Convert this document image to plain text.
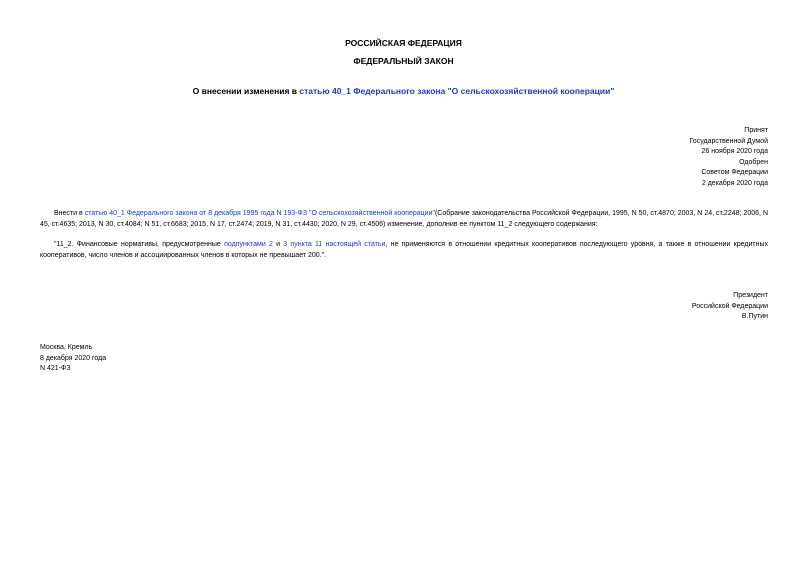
РОССИЙСКАЯ ФЕДЕРАЦИЯ
ФЕДЕРАЛЬНЫЙ ЗАКОН
О внесении изменения в статью 40_1 Федерального закона "О сельскохозяйственной кооперации"
Принят
Государственной Думой
26 ноября 2020 года
Одобрен
Советом Федерации
2 декабря 2020 года
Внести в статью 40_1 Федерального закона от 8 декабря 1995 года N 193-ФЗ "О сельскохозяйственной кооперации"(Собрание законодательства Российской Федерации, 1995, N 50, ст.4870; 2003, N 24, ст.2248; 2006, N 45, ст.4635; 2013, N 30, ст.4084; N 51, ст.6683; 2015, N 17, ст.2474; 2019, N 31, ст.4430; 2020, N 29, ст.4506) изменение, дополнив ее пунктом 11_2 следующего содержания:
"11_2. Финансовые нормативы, предусмотренные подпунктами 2 и 3 пункта 11 настоящей статьи, не применяются в отношении кредитных кооперативов последующего уровня, а также в отношении кредитных кооперативов, число членов и ассоциированных членов в которых не превышает 200.".
Президент
Российской Федерации
В.Путин
Москва, Кремль
8 декабря 2020 года
N 421-ФЗ
